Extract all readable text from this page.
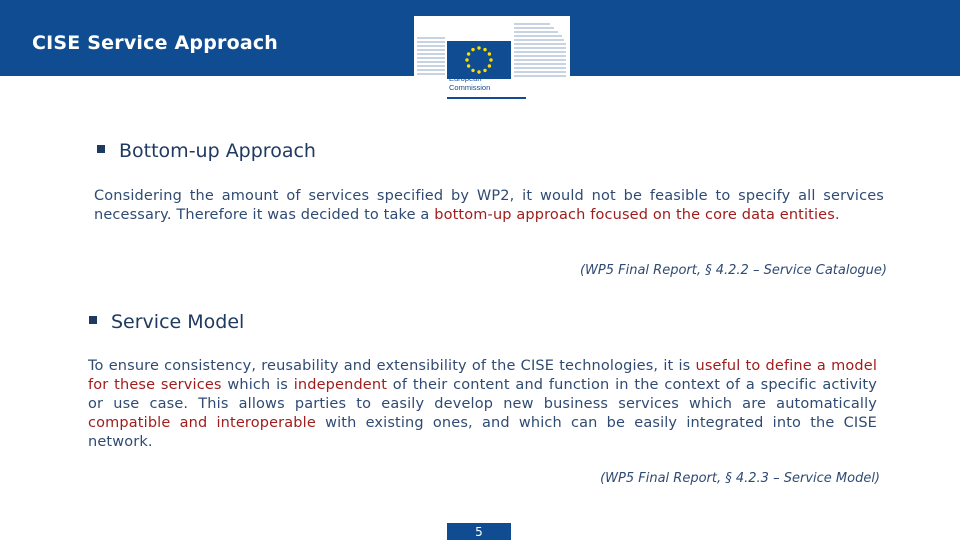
CISE Service Approach
European
Commission
Bottom-up Approach
Considering the amount of services specified by WP2, it would not be feasible to specify all services necessary. Therefore it was decided to take a bottom-up approach focused on the core data entities.
(WP5 Final Report, § 4.2.2 – Service Catalogue)
Service Model
To ensure consistency, reusability and extensibility of the CISE technologies, it is useful to define a model for these services which is independent of their content and function in the context of a specific activity or use case. This allows parties to easily develop new business services which are automatically compatible and interoperable with existing ones, and which can be easily integrated into the CISE network.
(WP5 Final Report, § 4.2.3 – Service Model)
5
